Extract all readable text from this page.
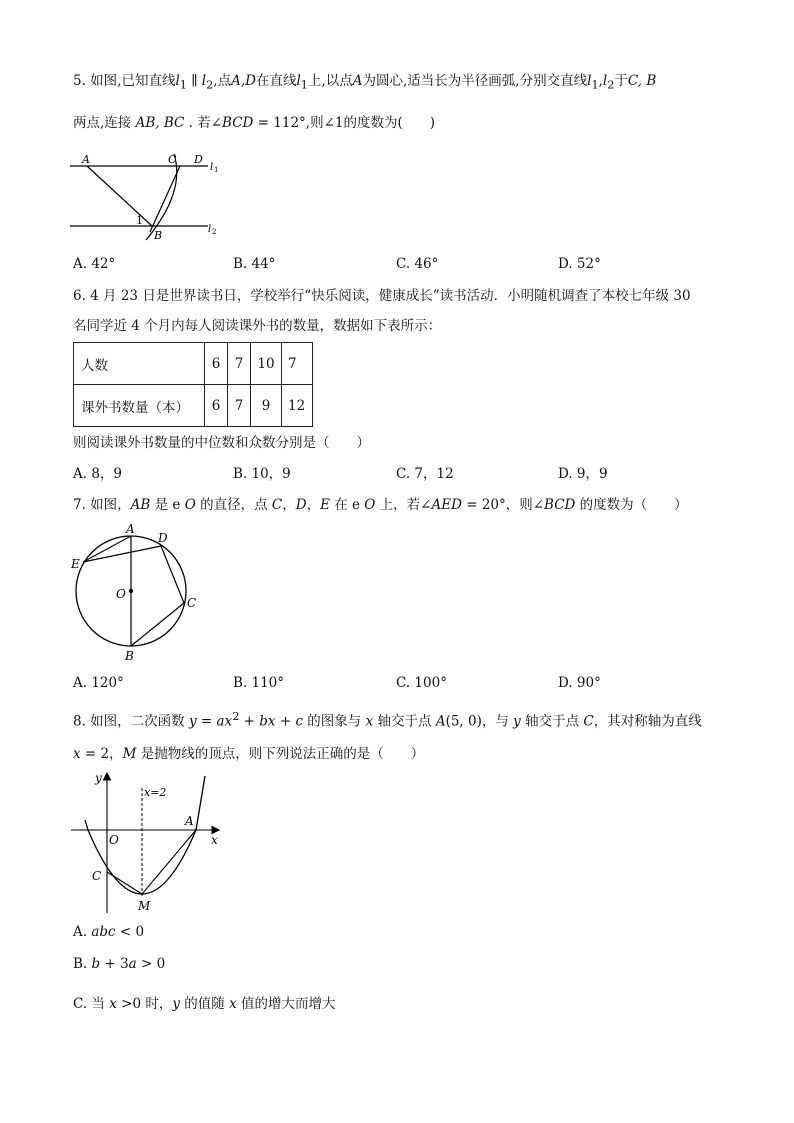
5. 如图,已知直线$l_1$ ∥ $l_2$,点A,D在直线$l_1$上,以点A为圆心,适当长为半径画弧,分别交直线$l_1,l_2$于C, B
两点,连接 AB, BC . 若∠BCD = 112°,则∠1的度数为(　　)
A	C D
l 1
1
B	l 2
A. 42°	B. 44°	C. 46°	D. 52°
6. 4 月 23 日是世界读书日，学校举行“快乐阅读，健康成长”读书活动．小明随机调查了本校七年级 30
名同学近 4 个月内每人阅读课外书的数量，数据如下表所示：
人数	6	7	10	7
课外书数量（本）	6	7	9	12
则阅读课外书数量的中位数和众数分别是（　　）
A. 8，9	B. 10，9	C. 7，12	D. 9，9
7. 如图，AB 是 e O 的直径，点 C，D，E 在 e O 上，若∠AED = 20°，则∠BCD 的度数为（　　）
A
D
E
O
C
B
A. 120°	B. 110°	C. 100°	D. 90°
8. 如图，二次函数 $y = ax^2$ + bx + c 的图象与 x 轴交于点 A(5, 0)，与 y 轴交于点 C，其对称轴为直线
x = 2，M 是抛物线的顶点，则下列说法正确的是（　　）
y
x=2
A
O	x
C
M
A. abc < 0
B. b + 3a > 0
C. 当 x >0 时，y 的值随 x 值的增大而增大
